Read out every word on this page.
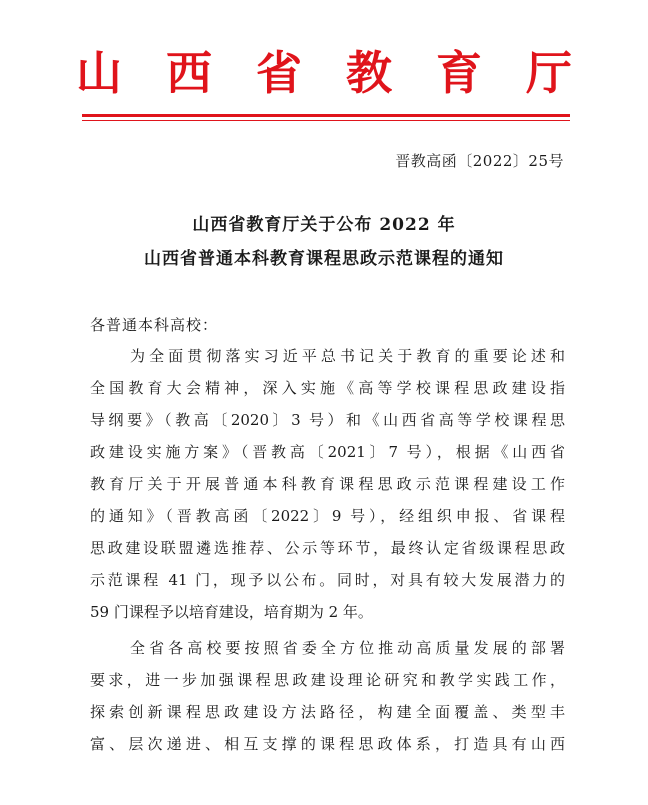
山西省教育厅
晋教高函〔2022〕25号
山西省教育厅关于公布 2022 年
山西省普通本科教育课程思政示范课程的通知
各普通本科高校：
为全面贯彻落实习近平总书记关于教育的重要论述和
全国教育大会精神，深入实施《高等学校课程思政建设指
导纲要》（教高〔2020〕3 号）和《山西省高等学校课程思
政建设实施方案》（晋教高〔2021〕7 号），根据《山西省
教育厅关于开展普通本科教育课程思政示范课程建设工作
的通知》（晋教高函〔2022〕9 号），经组织申报、省课程
思政建设联盟遴选推荐、公示等环节，最终认定省级课程思政
示范课程 41 门，现予以公布。同时，对具有较大发展潜力的
59 门课程予以培育建设，培育期为 2 年。
全省各高校要按照省委全方位推动高质量发展的部署
要求，进一步加强课程思政建设理论研究和教学实践工作，
探索创新课程思政建设方法路径，构建全面覆盖、类型丰
富、层次递进、相互支撑的课程思政体系，打造具有山西
